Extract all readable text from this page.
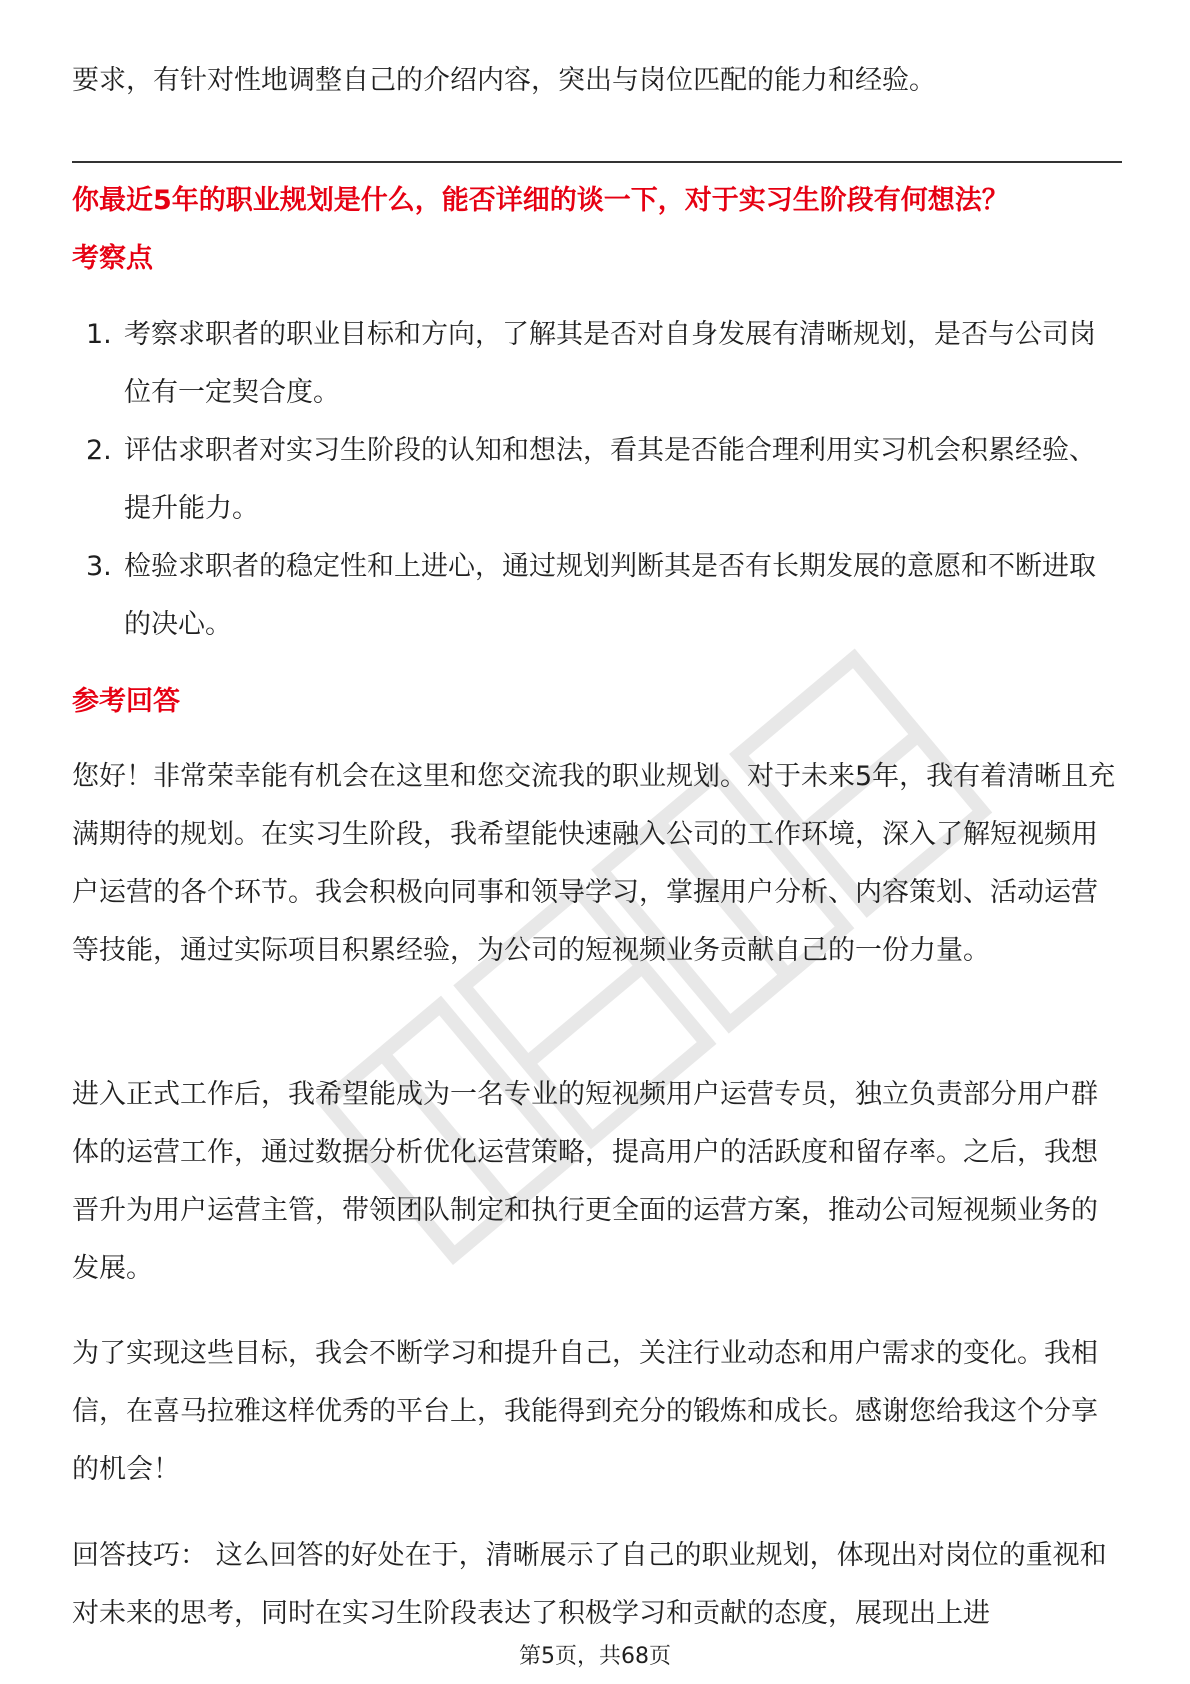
要求，有针对性地调整自己的介绍内容，突出与岗位匹配的能力和经验。

你最近5年的职业规划是什么，能否详细的谈一下，对于实习生阶段有何想法？

考察点

1. 考察求职者的职业目标和方向，了解其是否对自身发展有清晰规划，是否与公司岗位有一定契合度。
2. 评估求职者对实习生阶段的认知和想法，看其是否能合理利用实习机会积累经验、提升能力。
3. 检验求职者的稳定性和上进心，通过规划判断其是否有长期发展的意愿和不断进取的决心。

参考回答

您好！非常荣幸能有机会在这里和您交流我的职业规划。对于未来5年，我有着清晰且充满期待的规划。在实习生阶段，我希望能快速融入公司的工作环境，深入了解短视频用户运营的各个环节。我会积极向同事和领导学习，掌握用户分析、内容策划、活动运营等技能，通过实际项目积累经验，为公司的短视频业务贡献自己的一份力量。

进入正式工作后，我希望能成为一名专业的短视频用户运营专员，独立负责部分用户群体的运营工作，通过数据分析优化运营策略，提高用户的活跃度和留存率。之后，我想晋升为用户运营主管，带领团队制定和执行更全面的运营方案，推动公司短视频业务的发展。

为了实现这些目标，我会不断学习和提升自己，关注行业动态和用户需求的变化。我相信，在喜马拉雅这样优秀的平台上，我能得到充分的锻炼和成长。感谢您给我这个分享的机会！

回答技巧： 这么回答的好处在于，清晰展示了自己的职业规划，体现出对岗位的重视和对未来的思考，同时在实习生阶段表达了积极学习和贡献的态度，展现出上进

第5页，共68页
